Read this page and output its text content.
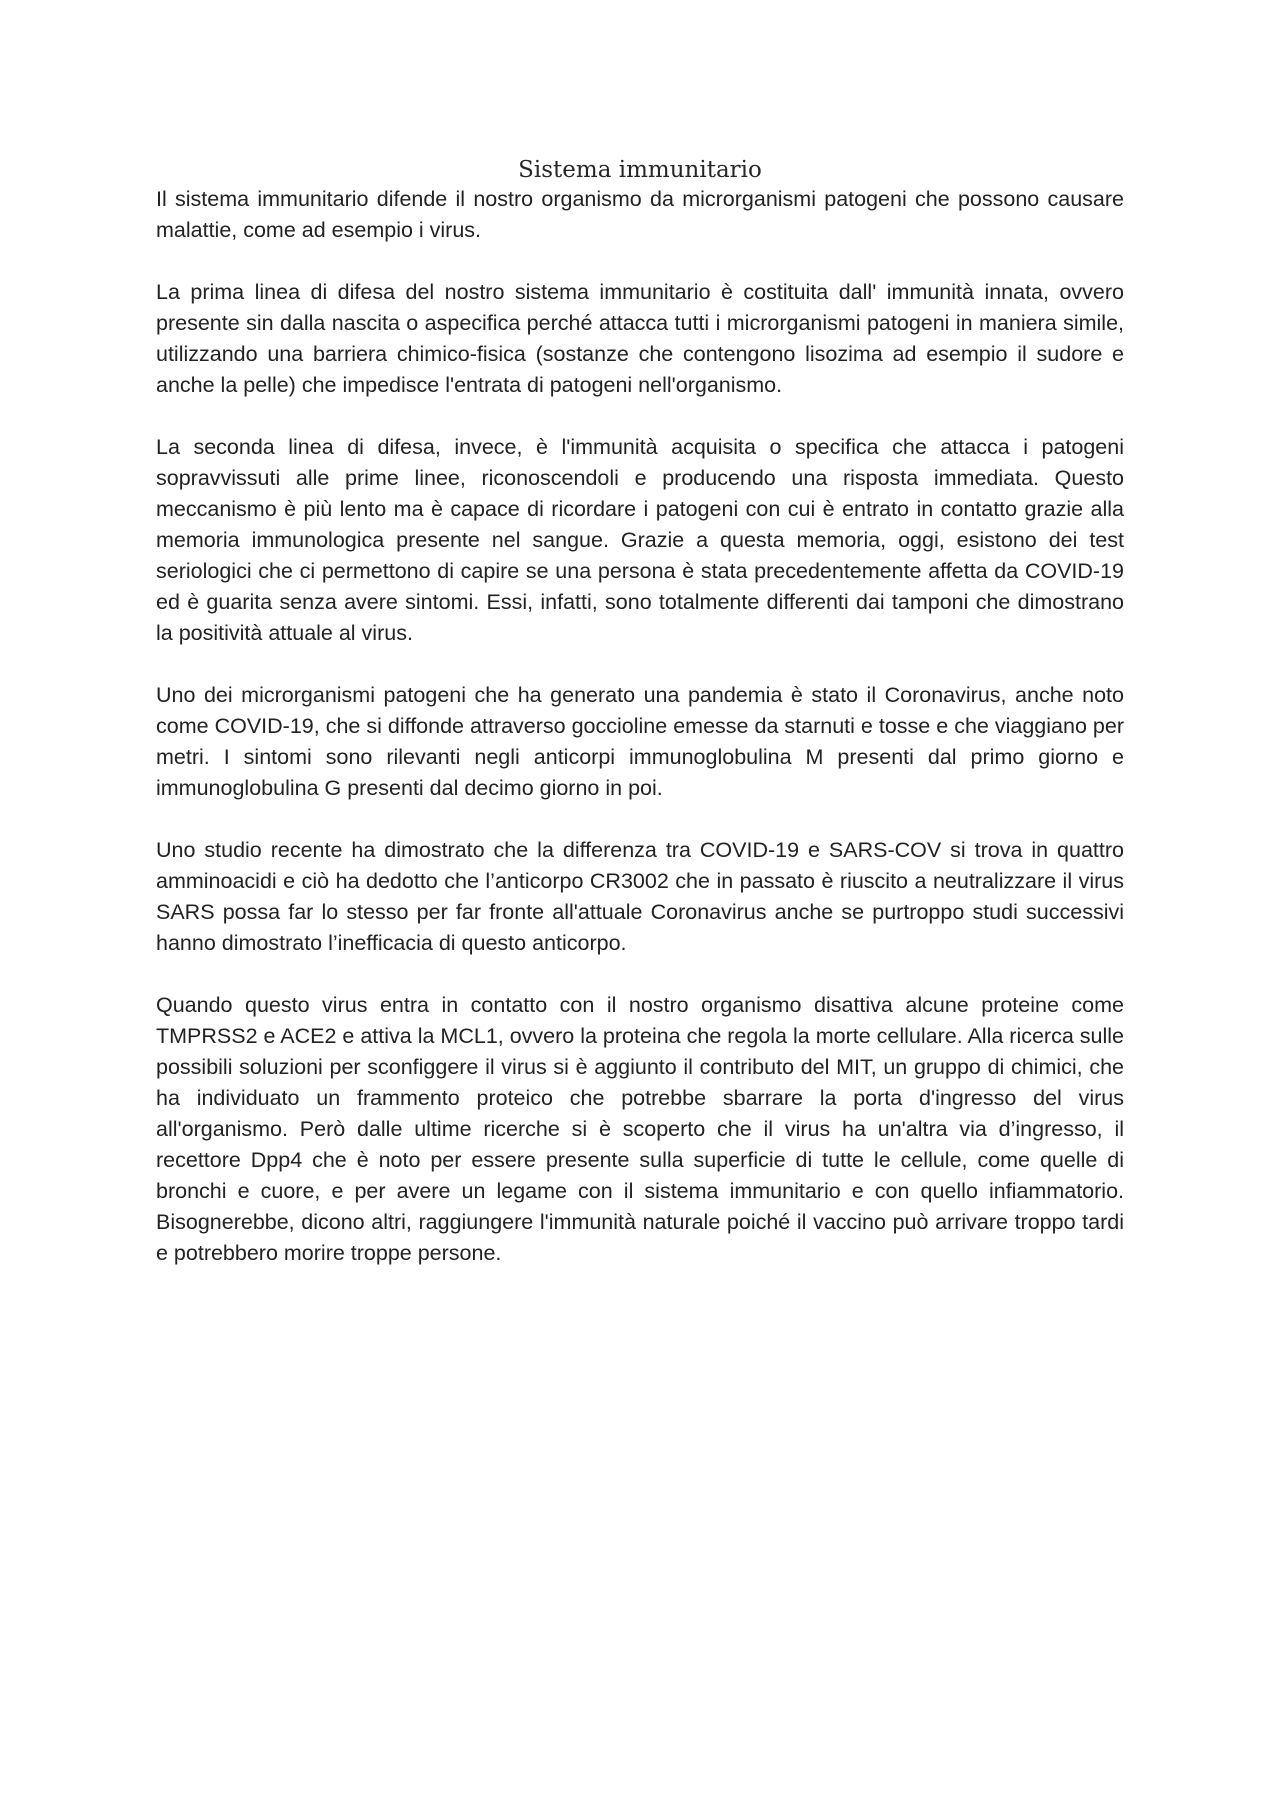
Sistema immunitario

Il sistema immunitario difende il nostro organismo da microrganismi patogeni che possono causare malattie, come ad esempio i virus.

La prima linea di difesa del nostro sistema immunitario è costituita dall' immunità innata, ovvero presente sin dalla nascita o aspecifica perché attacca tutti i microrganismi patogeni in maniera simile, utilizzando una barriera chimico-fisica (sostanze che contengono lisozima ad esempio il sudore e anche la pelle) che impedisce l'entrata di patogeni nell'organismo.

La seconda linea di difesa, invece, è l'immunità acquisita o specifica che attacca i patogeni sopravvissuti alle prime linee, riconoscendoli e producendo una risposta immediata. Questo meccanismo è più lento ma è capace di ricordare i patogeni con cui è entrato in contatto grazie alla memoria immunologica presente nel sangue. Grazie a questa memoria, oggi, esistono dei test seriologici che ci permettono di capire se una persona è stata precedentemente affetta da COVID-19 ed è guarita senza avere sintomi. Essi, infatti, sono totalmente differenti dai tamponi che dimostrano la positività attuale al virus.

Uno dei microrganismi patogeni che ha generato una pandemia è stato il Coronavirus, anche noto come COVID-19, che si diffonde attraverso goccioline emesse da starnuti e tosse e che viaggiano per metri. I sintomi sono rilevanti negli anticorpi immunoglobulina M presenti dal primo giorno e immunoglobulina G presenti dal decimo giorno in poi.

Uno studio recente ha dimostrato che la differenza tra COVID-19 e SARS-COV si trova in quattro amminoacidi e ciò ha dedotto che l’anticorpo CR3002 che in passato è riuscito a neutralizzare il virus SARS possa far lo stesso per far fronte all'attuale Coronavirus anche se purtroppo studi successivi hanno dimostrato l’inefficacia di questo anticorpo.

Quando questo virus entra in contatto con il nostro organismo disattiva alcune proteine come TMPRSS2 e ACE2 e attiva la MCL1, ovvero la proteina che regola la morte cellulare. Alla ricerca sulle possibili soluzioni per sconfiggere il virus si è aggiunto il contributo del MIT, un gruppo di chimici, che ha individuato un frammento proteico che potrebbe sbarrare la porta d'ingresso del virus all'organismo. Però dalle ultime ricerche si è scoperto che il virus ha un'altra via d’ingresso, il recettore Dpp4 che è noto per essere presente sulla superficie di tutte le cellule, come quelle di bronchi e cuore, e per avere un legame con il sistema immunitario e con quello infiammatorio. Bisognerebbe, dicono altri, raggiungere l'immunità naturale poiché il vaccino può arrivare troppo tardi e potrebbero morire troppe persone.
